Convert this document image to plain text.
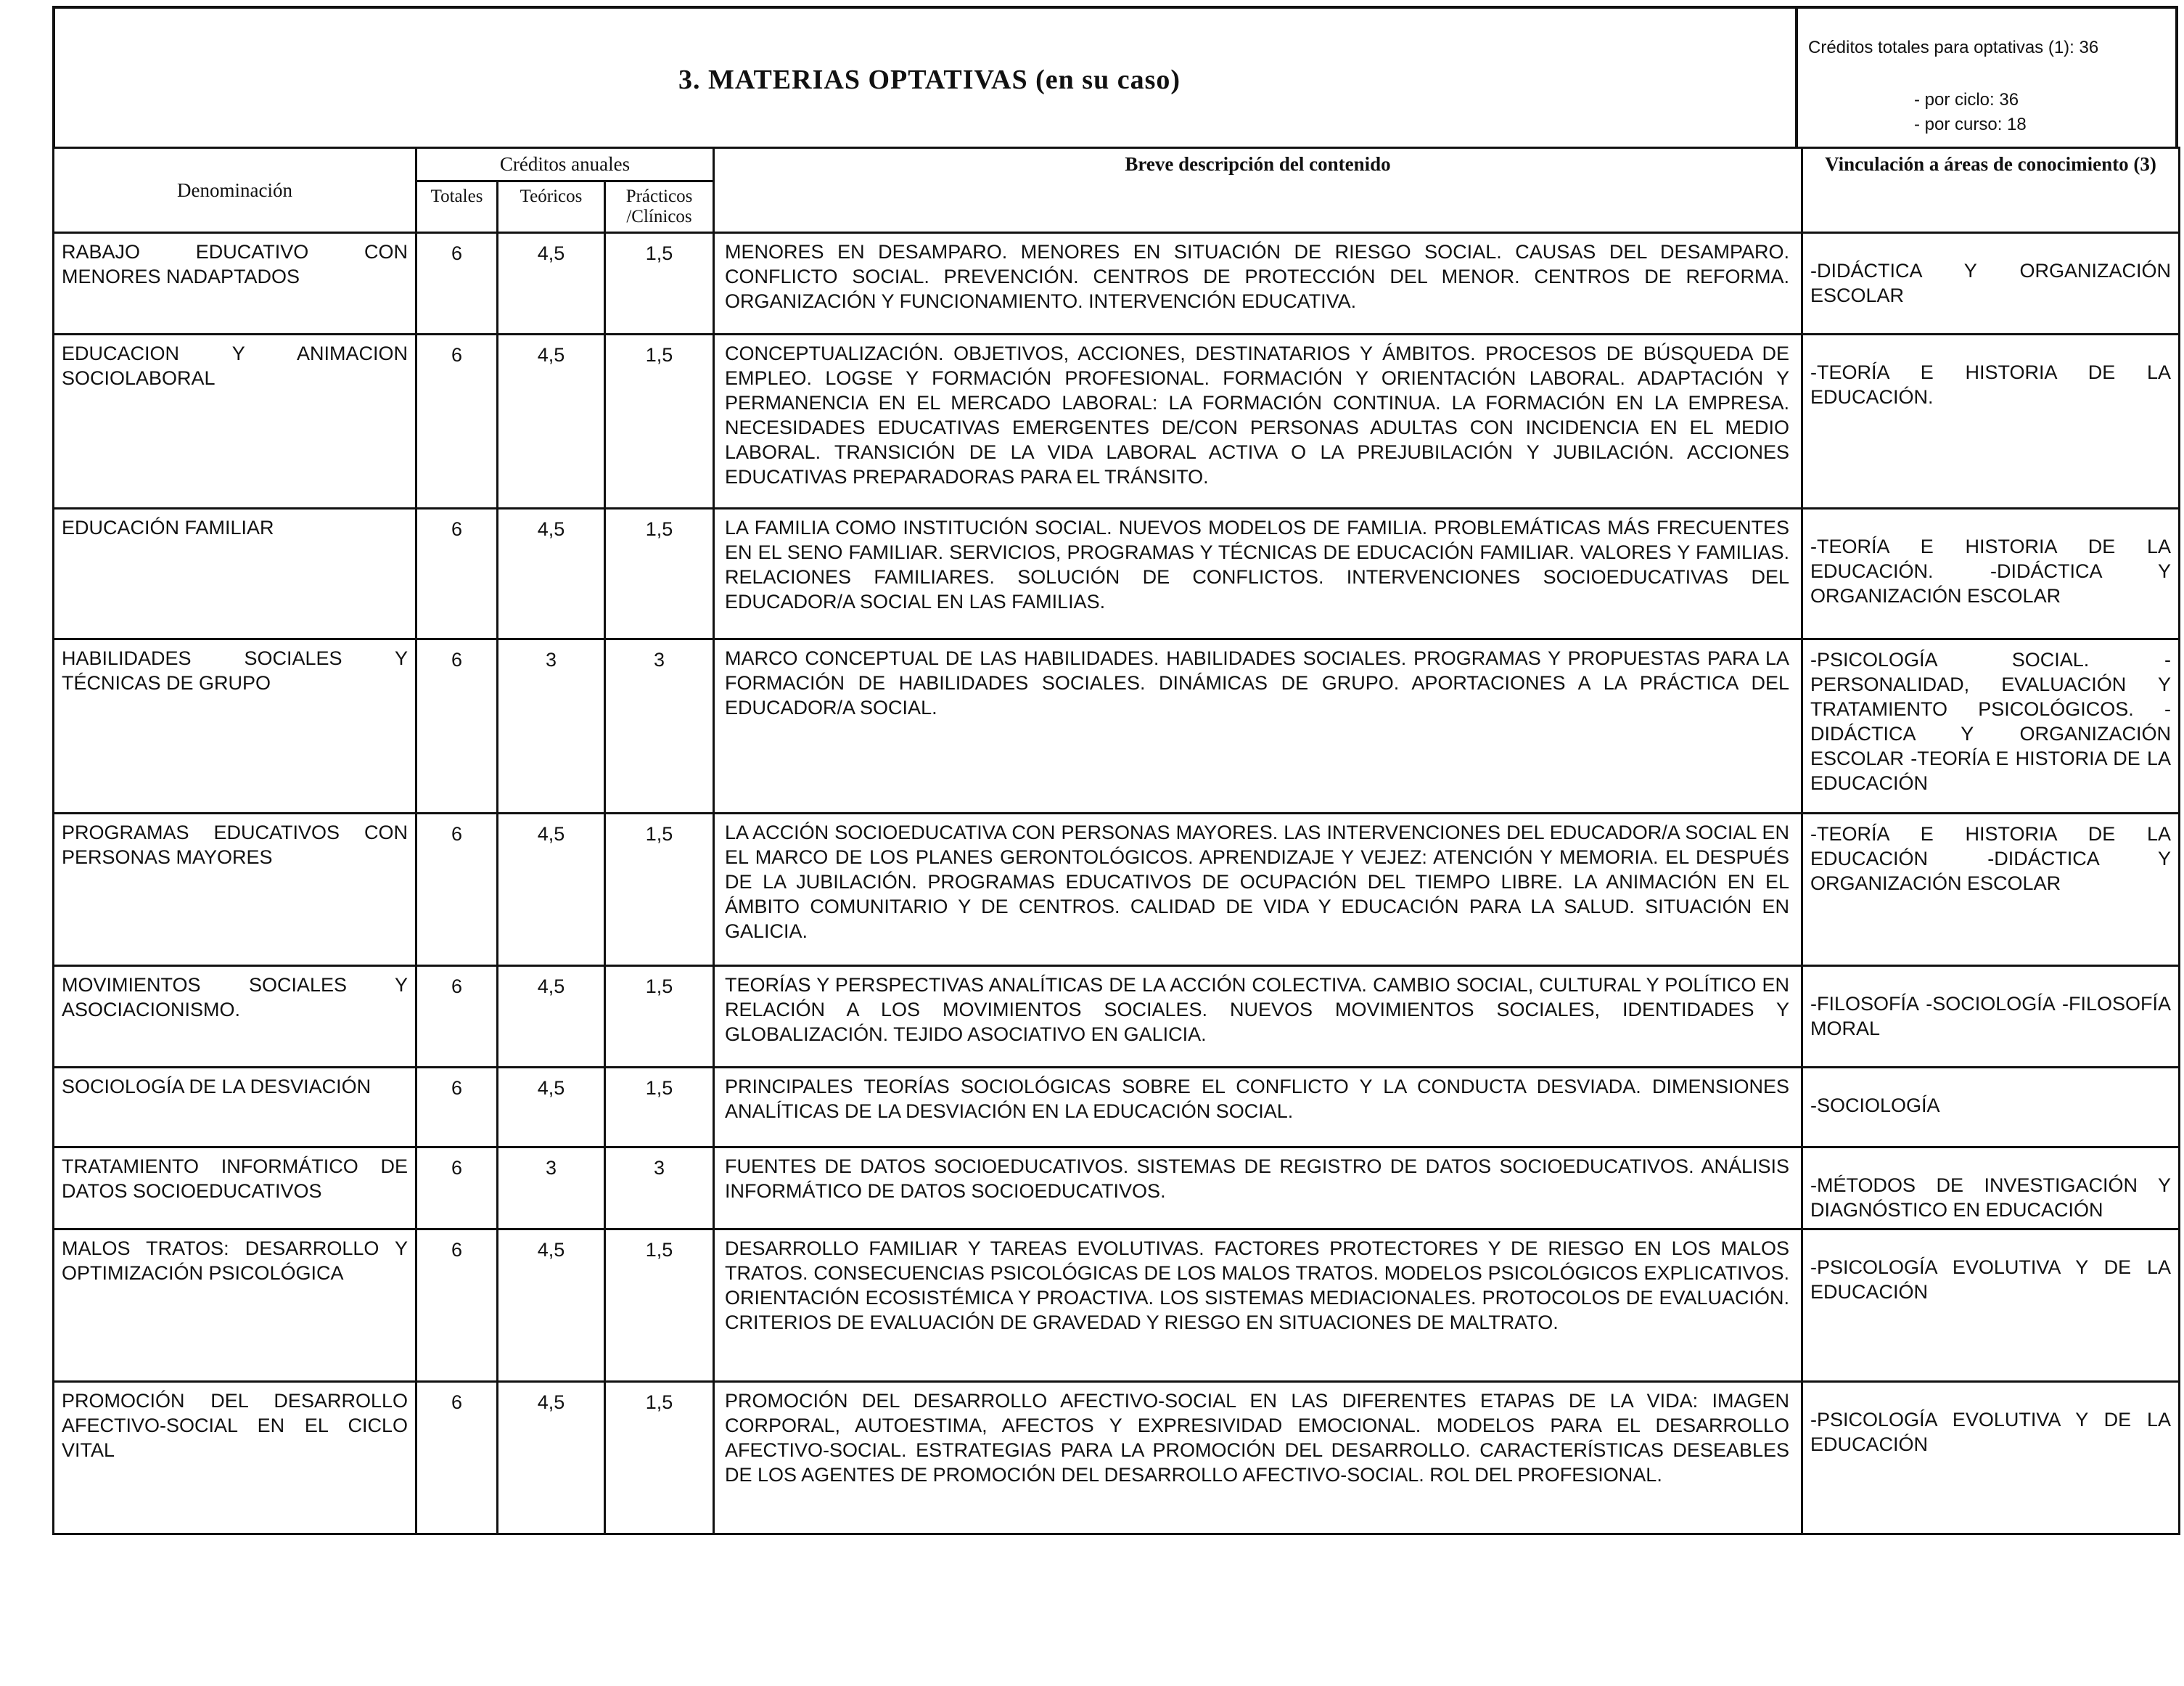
3. MATERIAS OPTATIVAS (en su caso)
Créditos totales para optativas (1): 36
- por ciclo: 36
- por curso: 18
Denominación	Créditos anuales			Breve descripción del contenido	Vinculación a áreas de conocimiento (3)
	Totales	Teóricos	Prácticos /Clínicos		
RABAJO EDUCATIVO CON MENORES NADAPTADOS	6	4,5	1,5	MENORES EN DESAMPARO. MENORES EN SITUACIÓN DE RIESGO SOCIAL. CAUSAS DEL DESAMPARO. CONFLICTO SOCIAL. PREVENCIÓN. CENTROS DE PROTECCIÓN DEL MENOR. CENTROS DE REFORMA. ORGANIZACIÓN Y FUNCIONAMIENTO. INTERVENCIÓN EDUCATIVA.	-DIDÁCTICA Y ORGANIZACIÓN ESCOLAR
EDUCACION Y ANIMACION SOCIOLABORAL	6	4,5	1,5	CONCEPTUALIZACIÓN. OBJETIVOS, ACCIONES, DESTINATARIOS Y ÁMBITOS. PROCESOS DE BÚSQUEDA DE EMPLEO. LOGSE Y FORMACIÓN PROFESIONAL. FORMACIÓN Y ORIENTACIÓN LABORAL. ADAPTACIÓN Y PERMANENCIA EN EL MERCADO LABORAL: LA FORMACIÓN CONTINUA. LA FORMACIÓN EN LA EMPRESA. NECESIDADES EDUCATIVAS EMERGENTES DE/CON PERSONAS ADULTAS CON INCIDENCIA EN EL MEDIO LABORAL. TRANSICIÓN DE LA VIDA LABORAL ACTIVA O LA PREJUBILACIÓN Y JUBILACIÓN. ACCIONES EDUCATIVAS PREPARADORAS PARA EL TRÁNSITO.	-TEORÍA E HISTORIA DE LA EDUCACIÓN.
EDUCACIÓN FAMILIAR	6	4,5	1,5	LA FAMILIA COMO INSTITUCIÓN SOCIAL. NUEVOS MODELOS DE FAMILIA. PROBLEMÁTICAS MÁS FRECUENTES EN EL SENO FAMILIAR. SERVICIOS, PROGRAMAS Y TÉCNICAS DE EDUCACIÓN FAMILIAR. VALORES Y FAMILIAS. RELACIONES FAMILIARES. SOLUCIÓN DE CONFLICTOS. INTERVENCIONES SOCIOEDUCATIVAS DEL EDUCADOR/A SOCIAL EN LAS FAMILIAS.	-TEORÍA E HISTORIA DE LA EDUCACIÓN. -DIDÁCTICA Y ORGANIZACIÓN ESCOLAR
HABILIDADES SOCIALES Y TÉCNICAS DE GRUPO	6	3	3	MARCO CONCEPTUAL DE LAS HABILIDADES. HABILIDADES SOCIALES. PROGRAMAS Y PROPUESTAS PARA LA FORMACIÓN DE HABILIDADES SOCIALES. DINÁMICAS DE GRUPO. APORTACIONES A LA PRÁCTICA DEL EDUCADOR/A SOCIAL.	-PSICOLOGÍA SOCIAL. -PERSONALIDAD, EVALUACIÓN Y TRATAMIENTO PSICOLÓGICOS. -DIDÁCTICA Y ORGANIZACIÓN ESCOLAR -TEORÍA E HISTORIA DE LA EDUCACIÓN
PROGRAMAS EDUCATIVOS CON PERSONAS MAYORES	6	4,5	1,5	LA ACCIÓN SOCIOEDUCATIVA CON PERSONAS MAYORES. LAS INTERVENCIONES DEL EDUCADOR/A SOCIAL EN EL MARCO DE LOS PLANES GERONTOLÓGICOS. APRENDIZAJE Y VEJEZ: ATENCIÓN Y MEMORIA. EL DESPUÉS DE LA JUBILACIÓN. PROGRAMAS EDUCATIVOS DE OCUPACIÓN DEL TIEMPO LIBRE. LA ANIMACIÓN EN EL ÁMBITO COMUNITARIO Y DE CENTROS. CALIDAD DE VIDA Y EDUCACIÓN PARA LA SALUD. SITUACIÓN EN GALICIA.	-TEORÍA E HISTORIA DE LA EDUCACIÓN -DIDÁCTICA Y ORGANIZACIÓN ESCOLAR
MOVIMIENTOS SOCIALES Y ASOCIACIONISMO.	6	4,5	1,5	TEORÍAS Y PERSPECTIVAS ANALÍTICAS DE LA ACCIÓN COLECTIVA. CAMBIO SOCIAL, CULTURAL Y POLÍTICO EN RELACIÓN A LOS MOVIMIENTOS SOCIALES. NUEVOS MOVIMIENTOS SOCIALES, IDENTIDADES Y GLOBALIZACIÓN. TEJIDO ASOCIATIVO EN GALICIA.	-FILOSOFÍA -SOCIOLOGÍA -FILOSOFÍA MORAL
SOCIOLOGÍA DE LA DESVIACIÓN	6	4,5	1,5	PRINCIPALES TEORÍAS SOCIOLÓGICAS SOBRE EL CONFLICTO Y LA CONDUCTA DESVIADA. DIMENSIONES ANALÍTICAS DE LA DESVIACIÓN EN LA EDUCACIÓN SOCIAL.	-SOCIOLOGÍA
TRATAMIENTO INFORMÁTICO DE DATOS SOCIOEDUCATIVOS	6	3	3	FUENTES DE DATOS SOCIOEDUCATIVOS. SISTEMAS DE REGISTRO DE DATOS SOCIOEDUCATIVOS. ANÁLISIS INFORMÁTICO DE DATOS SOCIOEDUCATIVOS.	-MÉTODOS DE INVESTIGACIÓN Y DIAGNÓSTICO EN EDUCACIÓN
MALOS TRATOS: DESARROLLO Y OPTIMIZACIÓN PSICOLÓGICA	6	4,5	1,5	DESARROLLO FAMILIAR Y TAREAS EVOLUTIVAS. FACTORES PROTECTORES Y DE RIESGO EN LOS MALOS TRATOS. CONSECUENCIAS PSICOLÓGICAS DE LOS MALOS TRATOS. MODELOS PSICOLÓGICOS EXPLICATIVOS. ORIENTACIÓN ECOSISTÉMICA Y PROACTIVA. LOS SISTEMAS MEDIACIONALES. PROTOCOLOS DE EVALUACIÓN. CRITERIOS DE EVALUACIÓN DE GRAVEDAD Y RIESGO EN SITUACIONES DE MALTRATO.	-PSICOLOGÍA EVOLUTIVA Y DE LA EDUCACIÓN
PROMOCIÓN DEL DESARROLLO AFECTIVO-SOCIAL EN EL CICLO VITAL	6	4,5	1,5	PROMOCIÓN DEL DESARROLLO AFECTIVO-SOCIAL EN LAS DIFERENTES ETAPAS DE LA VIDA: IMAGEN CORPORAL, AUTOESTIMA, AFECTOS Y EXPRESIVIDAD EMOCIONAL. MODELOS PARA EL DESARROLLO AFECTIVO-SOCIAL. ESTRATEGIAS PARA LA PROMOCIÓN DEL DESARROLLO. CARACTERÍSTICAS DESEABLES DE LOS AGENTES DE PROMOCIÓN DEL DESARROLLO AFECTIVO-SOCIAL. ROL DEL PROFESIONAL.	-PSICOLOGÍA EVOLUTIVA Y DE LA EDUCACIÓN
